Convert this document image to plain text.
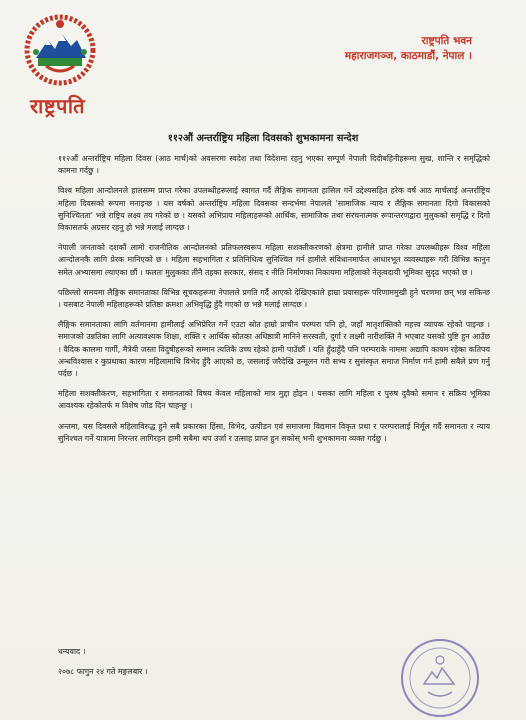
राष्ट्रपति
राष्ट्रपति भवन
महाराजगञ्ज, काठमाडौं, नेपाल ।
११२औं अन्तर्राष्ट्रिय महिला दिवसको शुभकामना सन्देश

११२औं अन्तर्राष्ट्रिय महिला दिवस (आठ मार्च)को अवसरमा स्वदेश तथा विदेशमा रहनु भएका सम्पूर्ण नेपाली दिदीबहिनीहरूमा सुख, शान्ति र समृद्धिको कामना गर्दछु ।

विश्व महिला आन्दोलनले हालसम्म प्राप्त गरेका उपलब्धीहरूलाई स्वागत गर्दै लैङ्गिक समानता हासिल गर्ने उद्देश्यसहित हरेक वर्ष आठ मार्चलाई अन्तर्राष्ट्रिय महिला दिवसको रूपमा मनाइन्छ । यस वर्षको अन्तर्राष्ट्रिय महिला दिवसका सन्दर्भमा नेपालले 'सामाजिक न्याय र लैङ्गिक समानताः दिगो विकासको सुनिश्चितता' भन्ने राष्ट्रिय लक्ष्य तय गरेको छ । यसको अभिप्राय महिलाहरूको आर्थिक, सामाजिक तथा संरचनात्मक रूपान्तरणद्वारा मुलुकको समृद्धि र दिगो विकासतर्फ अग्रसर रहनु हो भन्ने मलाई लाग्दछ ।

नेपाली जनताको दशकौं लामो राजनीतिक आन्दोलनको प्रतिफलस्वरूप महिला सशक्तीकरणको क्षेत्रमा हामीले प्राप्त गरेका उपलब्धीहरू विश्व महिला आन्दोलनकै लागि प्रेरक मानिएको छ । महिला सहभागिता र प्रतिनिधित्व सुनिश्चित गर्न हामीले संविधानमार्फत आधारभूत व्यवस्थाहरू गरी विभिन्न कानुन समेत अभ्यासमा ल्याएका छौं । फलतः मुलुकका तीनै तहका सरकार, संसद र नीति निर्माणका निकायमा महिलाको नेतृत्वदायी भूमिका सुदृढ भएको छ ।

पछिल्लो समयमा लैङ्गिक समानताका विभिन्न सूचकहरूमा नेपालले प्रगति गर्दै आएको देखिएकाले हाम्रा प्रयासहरू परिणाममुखी हुने चरणमा छन् भन्न सकिन्छ । यसबाट नेपाली महिलाहरूको प्रतिष्ठा क्रमशः अभिवृद्धि हुँदै गएको छ भन्ने मलाई लाग्दछ ।

लैङ्गिक समानताका लागि वर्तमानमा हामीलाई अभिप्रेरित गर्ने एउटा स्रोत हाम्रो प्राचीन परम्परा पनि हो, जहाँ मातृशक्तिको महत्त्व व्यापक रहेको पाइन्छ । समाजको उन्नतिका लागि अत्यावश्यक शिक्षा, शक्ति र आर्थिक स्रोतका अधिष्ठात्री मानिने सरस्वती, दुर्गा र लक्ष्मी नारीशक्ति नै भएबाट यसको पुष्टि हुन आउँछ । वैदिक कालमा गार्गी, मैत्रेयी जस्ता विदुषीहरूको सम्मान त्यतिकै उच्च रहेको हामी पाउँछौं । यति हुँदाहुँदै पनि परम्पराके नाममा अद्यापि कायम रहेका कतिपय अन्धविश्वास र कुप्रथाका कारण महिलामाथि विभेद हुँदै आएको छ, जसलाई जरैदेखि उन्मूलन गरी सभ्य र सुसंस्कृत समाज निर्माण गर्न हामी सबैले प्रण गर्नु पर्दछ ।

महिला सशक्तीकरण, सहभागिता र समानताको विषय केवल महिलाको मात्र मुद्दा होइन । यसका लागि महिला र पुरुष दुवैको समान र सक्रिय भूमिका आवश्यक रहेकोतर्फ म विशेष जोड दिन चाहन्छु ।

अन्तमा, यस दिवसले महिलाविरुद्ध हुने सबै प्रकारका हिंसा, विभेद, उत्पीडन एवं समाजमा विद्यमान विकृत प्रथा र परम्परालाई निर्मूल गर्दै समानता र न्याय सुनिश्चत गर्ने यात्रामा निरन्तर लागिरहन हामी सबैमा थप उर्जा र उत्साह प्राप्त हुन सकोस् भनी शुभकामना व्यक्त गर्दछु ।

धन्यवाद ।
२०७८ फागुन २४ गते मङ्गलबार ।
